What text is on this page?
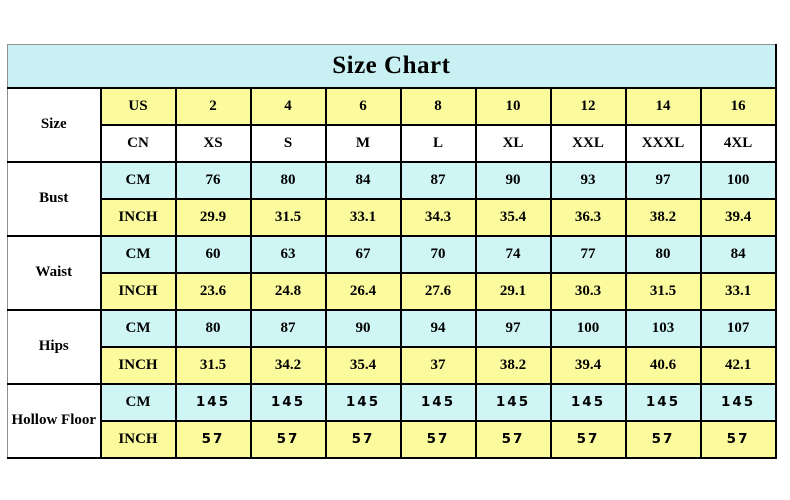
Size Chart									
Size	US	2	4	6	8	10	12	14	16
	CN	XS	S	M	L	XL	XXL	XXXL	4XL
Bust	CM	76	80	84	87	90	93	97	100
	INCH	29.9	31.5	33.1	34.3	35.4	36.3	38.2	39.4
Waist	CM	60	63	67	70	74	77	80	84
	INCH	23.6	24.8	26.4	27.6	29.1	30.3	31.5	33.1
Hips	CM	80	87	90	94	97	100	103	107
	INCH	31.5	34.2	35.4	37	38.2	39.4	40.6	42.1
Hollow Floor	CM	145	145	145	145	145	145	145	145
	INCH	57	57	57	57	57	57	57	57
